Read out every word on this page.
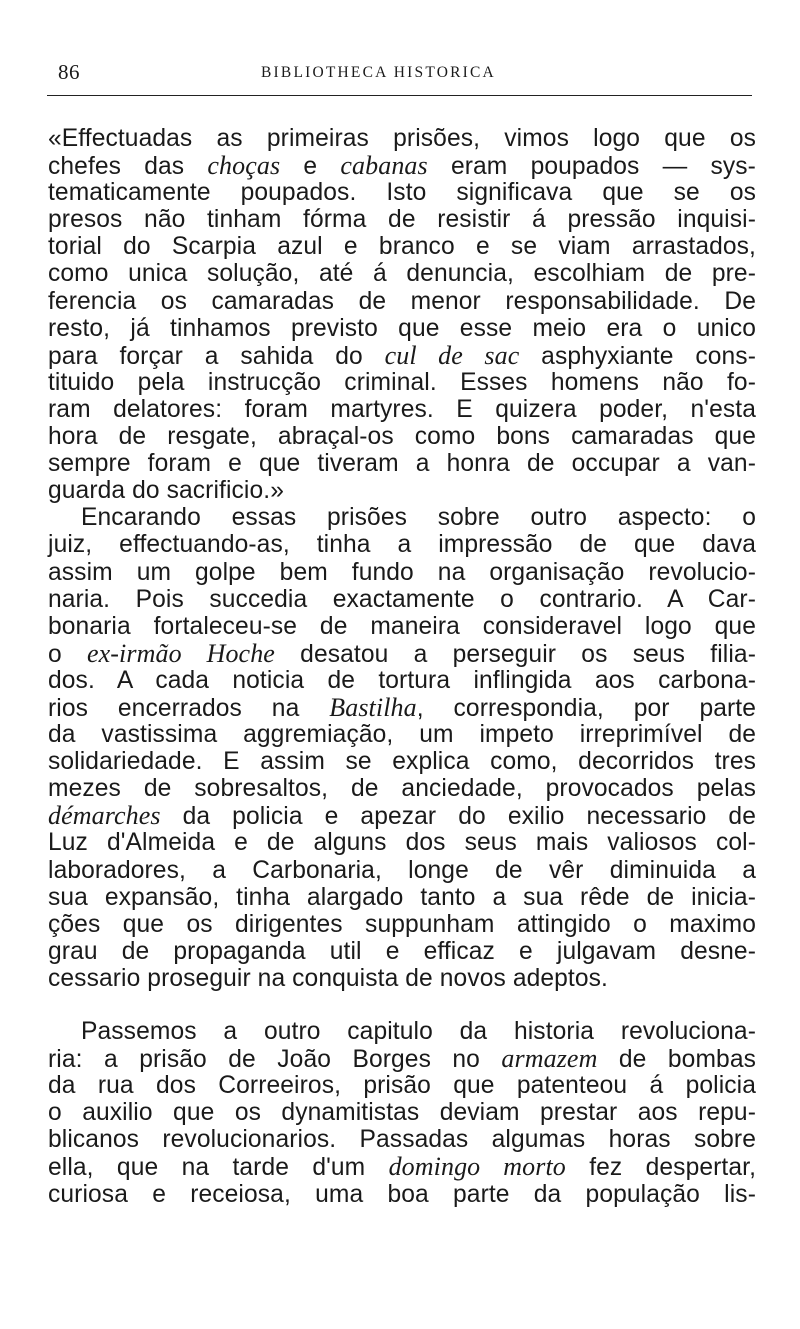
86	BIBLIOTHECA HISTORICA
«Effectuadas as primeiras prisões, vimos logo que os
chefes das choças e cabanas eram poupados — sys-
tematicamente poupados. Isto significava que se os
presos não tinham fórma de resistir á pressão inquisi-
torial do Scarpia azul e branco e se viam arrastados,
como unica solução, até á denuncia, escolhiam de pre-
ferencia os camaradas de menor responsabilidade. De
resto, já tinhamos previsto que esse meio era o unico
para forçar a sahida do cul de sac asphyxiante cons-
tituido pela instrucção criminal. Esses homens não fo-
ram delatores: foram martyres. E quizera poder, n'esta
hora de resgate, abraçal-os como bons camaradas que
sempre foram e que tiveram a honra de occupar a van-
guarda do sacrificio.»
Encarando essas prisões sobre outro aspecto: o
juiz, effectuando-as, tinha a impressão de que dava
assim um golpe bem fundo na organisação revolucio-
naria. Pois succedia exactamente o contrario. A Car-
bonaria fortaleceu-se de maneira consideravel logo que
o ex-irmão Hoche desatou a perseguir os seus filia-
dos. A cada noticia de tortura inflingida aos carbona-
rios encerrados na Bastilha, correspondia, por parte
da vastissima aggremiação, um impeto irreprimível de
solidariedade. E assim se explica como, decorridos tres
mezes de sobresaltos, de anciedade, provocados pelas
démarches da policia e apezar do exilio necessario de
Luz d'Almeida e de alguns dos seus mais valiosos col-
laboradores, a Carbonaria, longe de vêr diminuida a
sua expansão, tinha alargado tanto a sua rêde de inicia-
ções que os dirigentes suppunham attingido o maximo
grau de propaganda util e efficaz e julgavam desne-
cessario proseguir na conquista de novos adeptos.
Passemos a outro capitulo da historia revoluciona-
ria: a prisão de João Borges no armazem de bombas
da rua dos Correeiros, prisão que patenteou á policia
o auxilio que os dynamitistas deviam prestar aos repu-
blicanos revolucionarios. Passadas algumas horas sobre
ella, que na tarde d'um domingo morto fez despertar,
curiosa e receiosa, uma boa parte da população lis-
